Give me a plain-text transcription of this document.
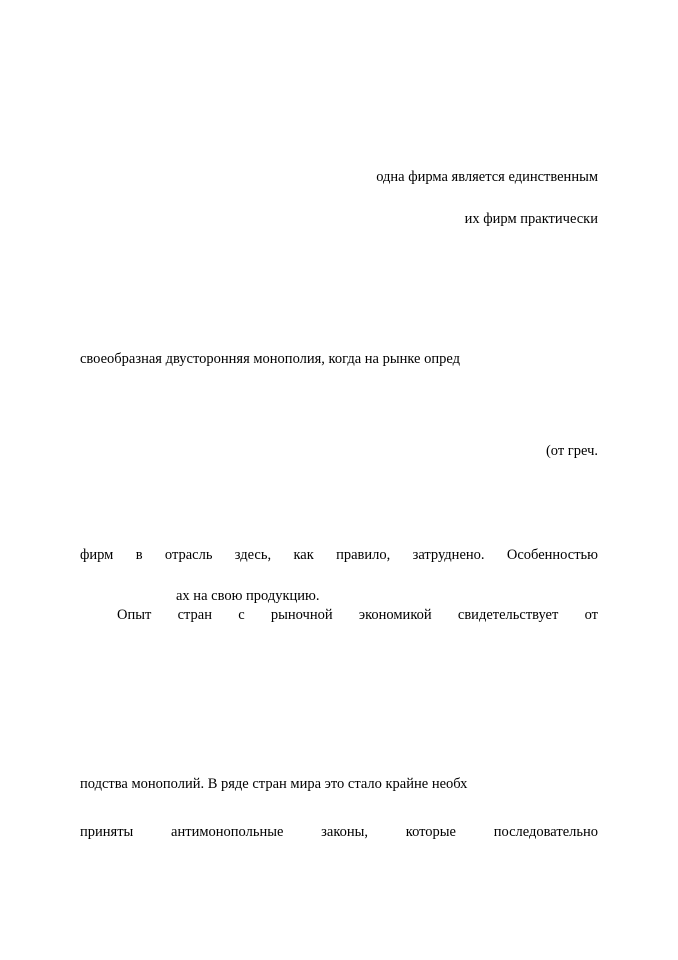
одна фирма является единственным
их фирм практически
своеобразная двусторонняя монополия, когда на рынке опред
(от греч.
фирм в отрасль здесь, как правило, затруднено. Особенностью
ах на свою продукцию.
Опыт стран с рыночной экономикой свидетельствует от
подства монополий. В ряде стран мира это стало крайне необх
приняты антимонопольные законы, которые последовательно
